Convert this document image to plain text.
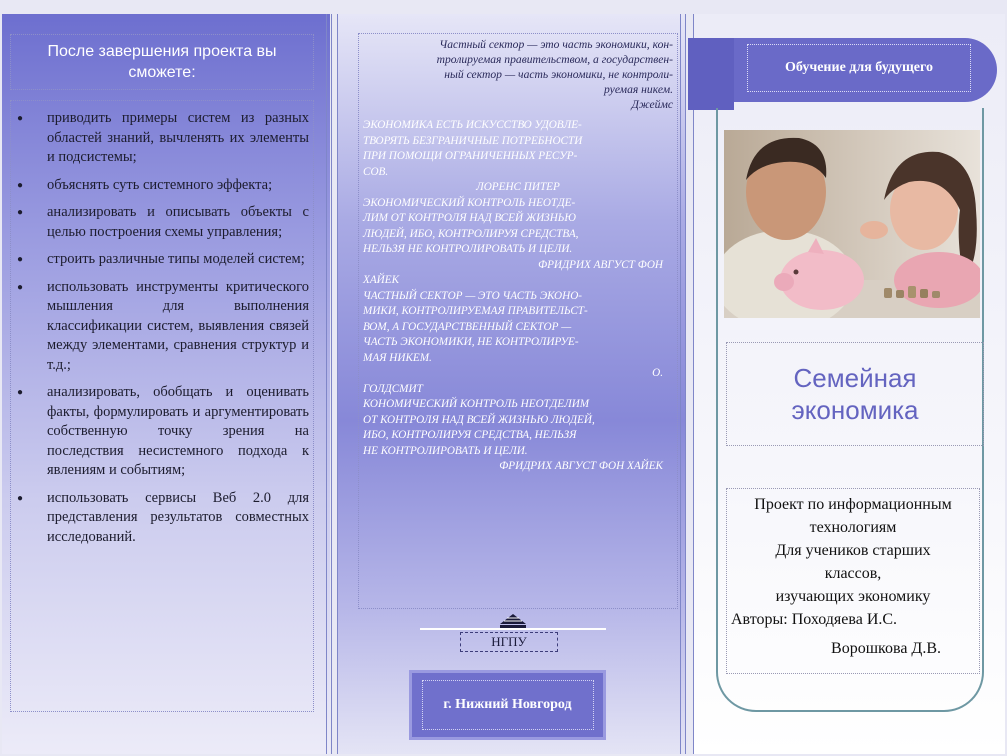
После завершения проекта вы сможете:
● приводить примеры систем из разных областей знаний, вычленять их элементы и подсистемы;
● объяснять суть системного эффекта;
● анализировать и описывать объекты с целью построения схемы управления;
● строить различные типы моделей систем;
● использовать инструменты критического мышления для выполнения классификации систем, выявления связей между элементами, сравнения структур и т.д.;
● анализировать, обобщать и оценивать факты, формулировать и аргументировать собственную точку зрения на последствия несистемного подхода к явлениям и событиям;
● использовать сервисы Веб 2.0 для представления результатов совместных исследований.

Частный сектор — это часть экономики, кон-

тролируемая правительством, а государствен-

ный сектор — часть экономики, не контроли-

руемая никем.

Джеймс

ЭКОНОМИКА ЕСТЬ ИСКУССТВО УДОВЛЕ-

ТВОРЯТЬ БЕЗГРАНИЧНЫЕ ПОТРЕБНОСТИ

ПРИ ПОМОЩИ ОГРАНИЧЕННЫХ РЕСУР-

СОВ.

ЛОРЕНС ПИТЕР

ЭКОНОМИЧЕСКИЙ КОНТРОЛЬ НЕОТДЕ-

ЛИМ ОТ КОНТРОЛЯ НАД ВСЕЙ ЖИЗНЬЮ

ЛЮДЕЙ, ИБО, КОНТРОЛИРУЯ СРЕДСТВА,

НЕЛЬЗЯ НЕ КОНТРОЛИРОВАТЬ И ЦЕЛИ.

ФРИДРИХ АВГУСТ ФОН

ХАЙЕК

ЧАСТНЫЙ СЕКТОР — ЭТО ЧАСТЬ ЭКОНО-

МИКИ, КОНТРОЛИРУЕМАЯ ПРАВИТЕЛЬСТ-

ВОМ, А ГОСУДАРСТВЕННЫЙ СЕКТОР —

ЧАСТЬ ЭКОНОМИКИ, НЕ КОНТРОЛИРУЕ-

МАЯ НИКЕМ.

О.

ГОЛДСМИТ

КОНОМИЧЕСКИЙ КОНТРОЛЬ НЕОТДЕЛИМ

ОТ КОНТРОЛЯ НАД ВСЕЙ ЖИЗНЬЮ ЛЮДЕЙ,

ИБО, КОНТРОЛИРУЯ СРЕДСТВА, НЕЛЬЗЯ

НЕ КОНТРОЛИРОВАТЬ И ЦЕЛИ.

ФРИДРИХ АВГУСТ ФОН ХАЙЕК

НГПУ
г. Нижний Новгород
Обучение для будущего
Семейная экономика
Проект по информационным
технологиям
Для учеников старших
классов,
изучающих экономику
Авторы: Походяева И.С.
Ворошкова Д.В.
